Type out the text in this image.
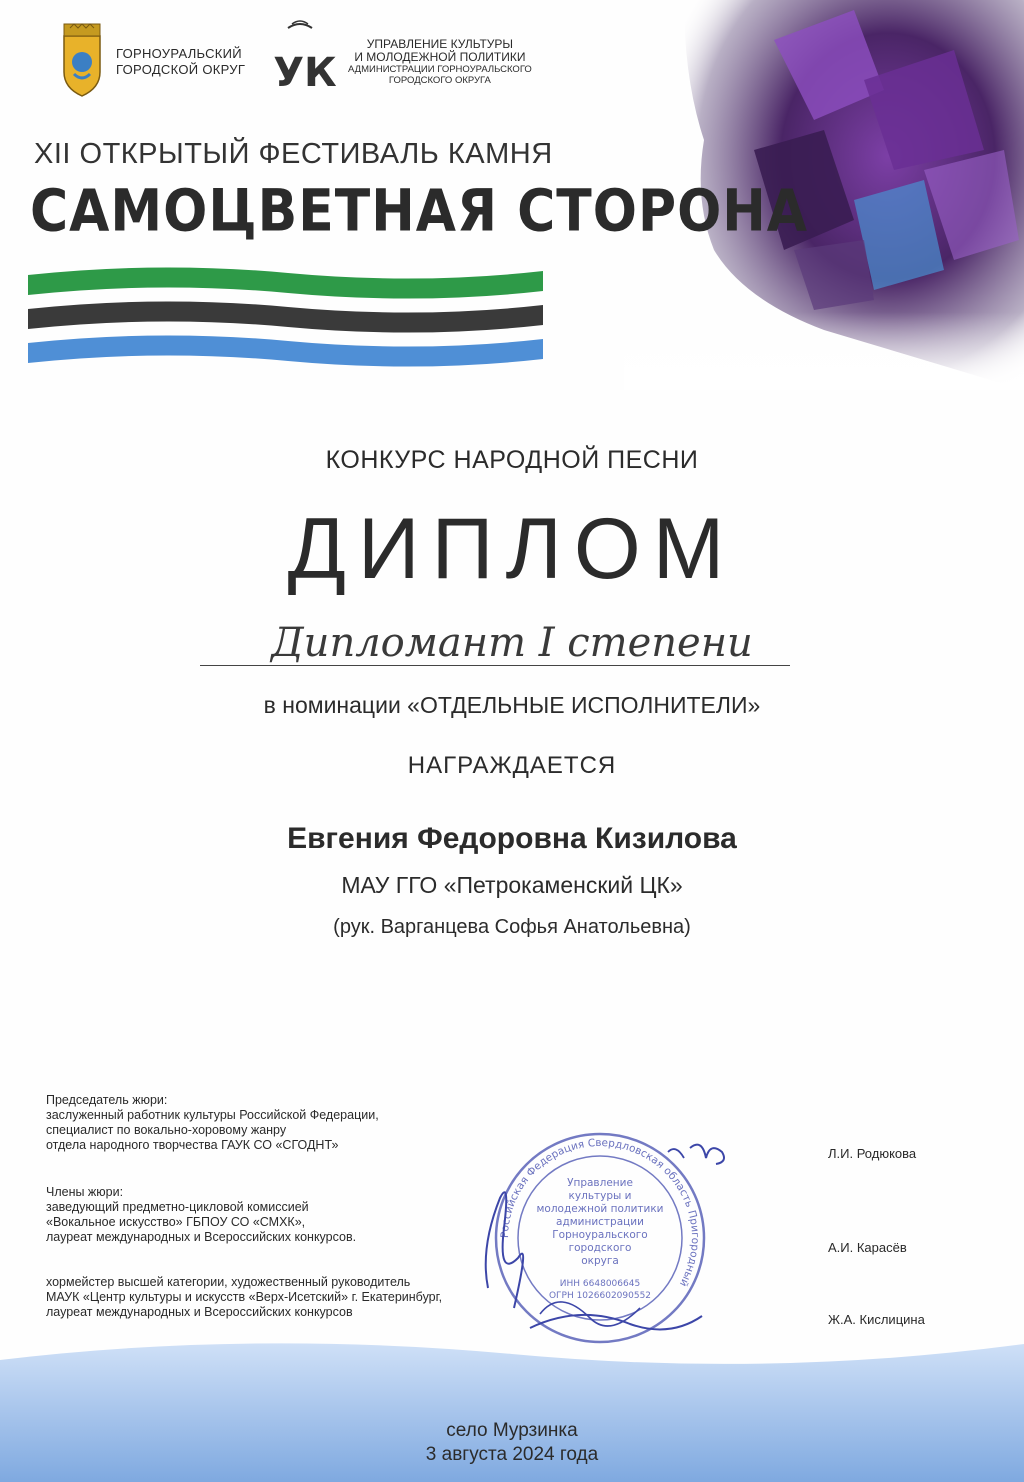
ГОРНОУРАЛЬСКИЙ
ГОРОДСКОЙ ОКРУГ УК
УПРАВЛЕНИЕ КУЛЬТУРЫ
И МОЛОДЕЖНОЙ ПОЛИТИКИ
АДМИНИСТРАЦИИ ГОРНОУРАЛЬСКОГО
ГОРОДСКОГО ОКРУГА
XII ОТКРЫТЫЙ ФЕСТИВАЛЬ КАМНЯ
САМОЦВЕТНАЯ СТОРОНА
КОНКУРС НАРОДНОЙ ПЕСНИ
ДИПЛОМ
Дипломант I степени
в номинации «ОТДЕЛЬНЫЕ ИСПОЛНИТЕЛИ»
НАГРАЖДАЕТСЯ
Евгения Федоровна Кизилова
МАУ ГГО «Петрокаменский ЦК»
(рук. Варганцева Софья Анатольевна)
Председатель жюри:
заслуженный работник культуры Российской Федерации,
специалист по вокально-хоровому жанру
отдела народного творчества ГАУК СО «СГОДНТ»
Члены жюри:
заведующий предметно-цикловой комиссией
«Вокальное искусство» ГБПОУ СО «СМХК»,
лауреат международных и Всероссийских конкурсов.
хормейстер высшей категории, художественный руководитель
МАУК «Центр культуры и искусств «Верх-Исетский» г. Екатеринбург,
лауреат международных и Всероссийских конкурсов
Л.И. Родюкова
А.И. Карасёв
Ж.А. Кислицина
Российская Федерация Свердловская область Пригородный
Управление
культуры и
молодежной политики
администрации
Горноуральского
городского
округа
ИНН 6648006645
ОГРН 1026602090552
село Мурзинка
3 августа 2024 года
